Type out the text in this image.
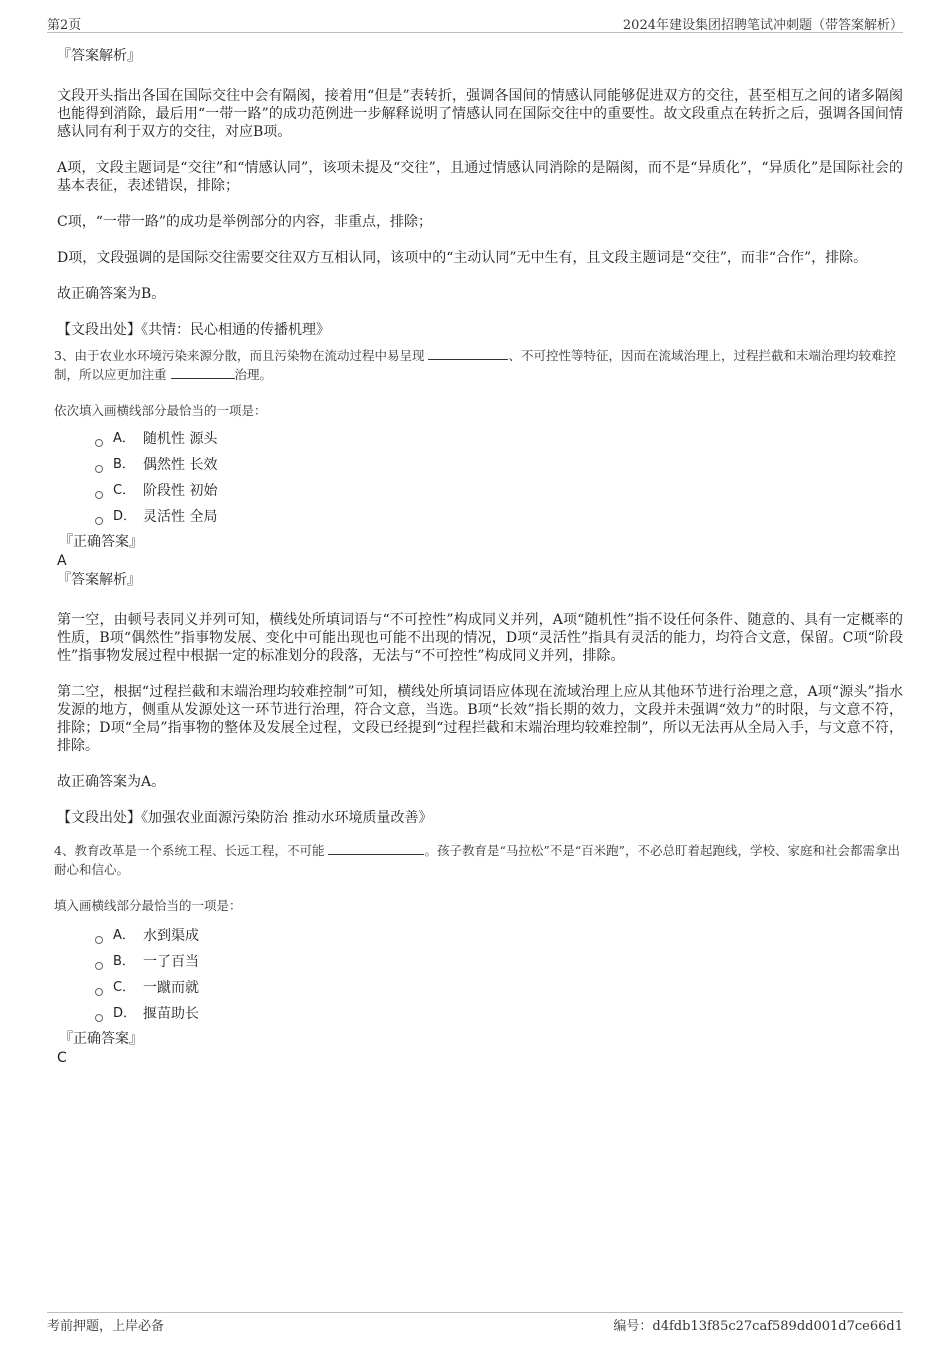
第2页	2024年建设集团招聘笔试冲刺题（带答案解析）

『答案解析』

文段开头指出各国在国际交往中会有隔阂，接着用“但是”表转折，强调各国间的情感认同能够促进双方的交往，甚至相互之间的诸多隔阂也能得到消除，最后用“一带一路”的成功范例进一步解释说明了情感认同在国际交往中的重要性。故文段重点在转折之后，强调各国间情感认同有利于双方的交往，对应B项。

A项，文段主题词是“交往”和“情感认同”，该项未提及“交往”，且通过情感认同消除的是隔阂，而不是“异质化”，“异质化”是国际社会的基本表征，表述错误，排除；

C项，“一带一路”的成功是举例部分的内容，非重点，排除；

D项，文段强调的是国际交往需要交往双方互相认同，该项中的“主动认同”无中生有，且文段主题词是“交往”，而非“合作”，排除。

故正确答案为B。

【文段出处】《共情：民心相通的传播机理》

3、由于农业水环境污染来源分散，而且污染物在流动过程中易呈现	、不可控性等特征，因而在流域治理上，过程拦截和末端治理均较难控制，所以应更加注重	治理。

依次填入画横线部分最恰当的一项是：

A． 随机性 源头
B． 偶然性 长效
C． 阶段性 初始
D． 灵活性 全局

『正确答案』

A

『答案解析』

第一空，由顿号表同义并列可知，横线处所填词语与“不可控性”构成同义并列，A项“随机性”指不设任何条件、随意的、具有一定概率的性质，B项“偶然性”指事物发展、变化中可能出现也可能不出现的情况，D项“灵活性”指具有灵活的能力，均符合文意，保留。C项“阶段性”指事物发展过程中根据一定的标准划分的段落，无法与“不可控性”构成同义并列，排除。

第二空，根据“过程拦截和末端治理均较难控制”可知，横线处所填词语应体现在流域治理上应从其他环节进行治理之意，A项“源头”指水发源的地方，侧重从发源处这一环节进行治理，符合文意，当选。B项“长效”指长期的效力，文段并未强调“效力”的时限，与文意不符，排除；D项“全局”指事物的整体及发展全过程，文段已经提到“过程拦截和末端治理均较难控制”，所以无法再从全局入手，与文意不符，排除。

故正确答案为A。

【文段出处】《加强农业面源污染防治 推动水环境质量改善》

4、教育改革是一个系统工程、长远工程，不可能	。孩子教育是“马拉松”不是“百米跑”，不必总盯着起跑线，学校、家庭和社会都需拿出耐心和信心。

填入画横线部分最恰当的一项是：

A． 水到渠成
B． 一了百当
C． 一蹴而就
D． 揠苗助长

『正确答案』

C

考前押题，上岸必备	编号：d4fdb13f85c27caf589dd001d7ce66d1
